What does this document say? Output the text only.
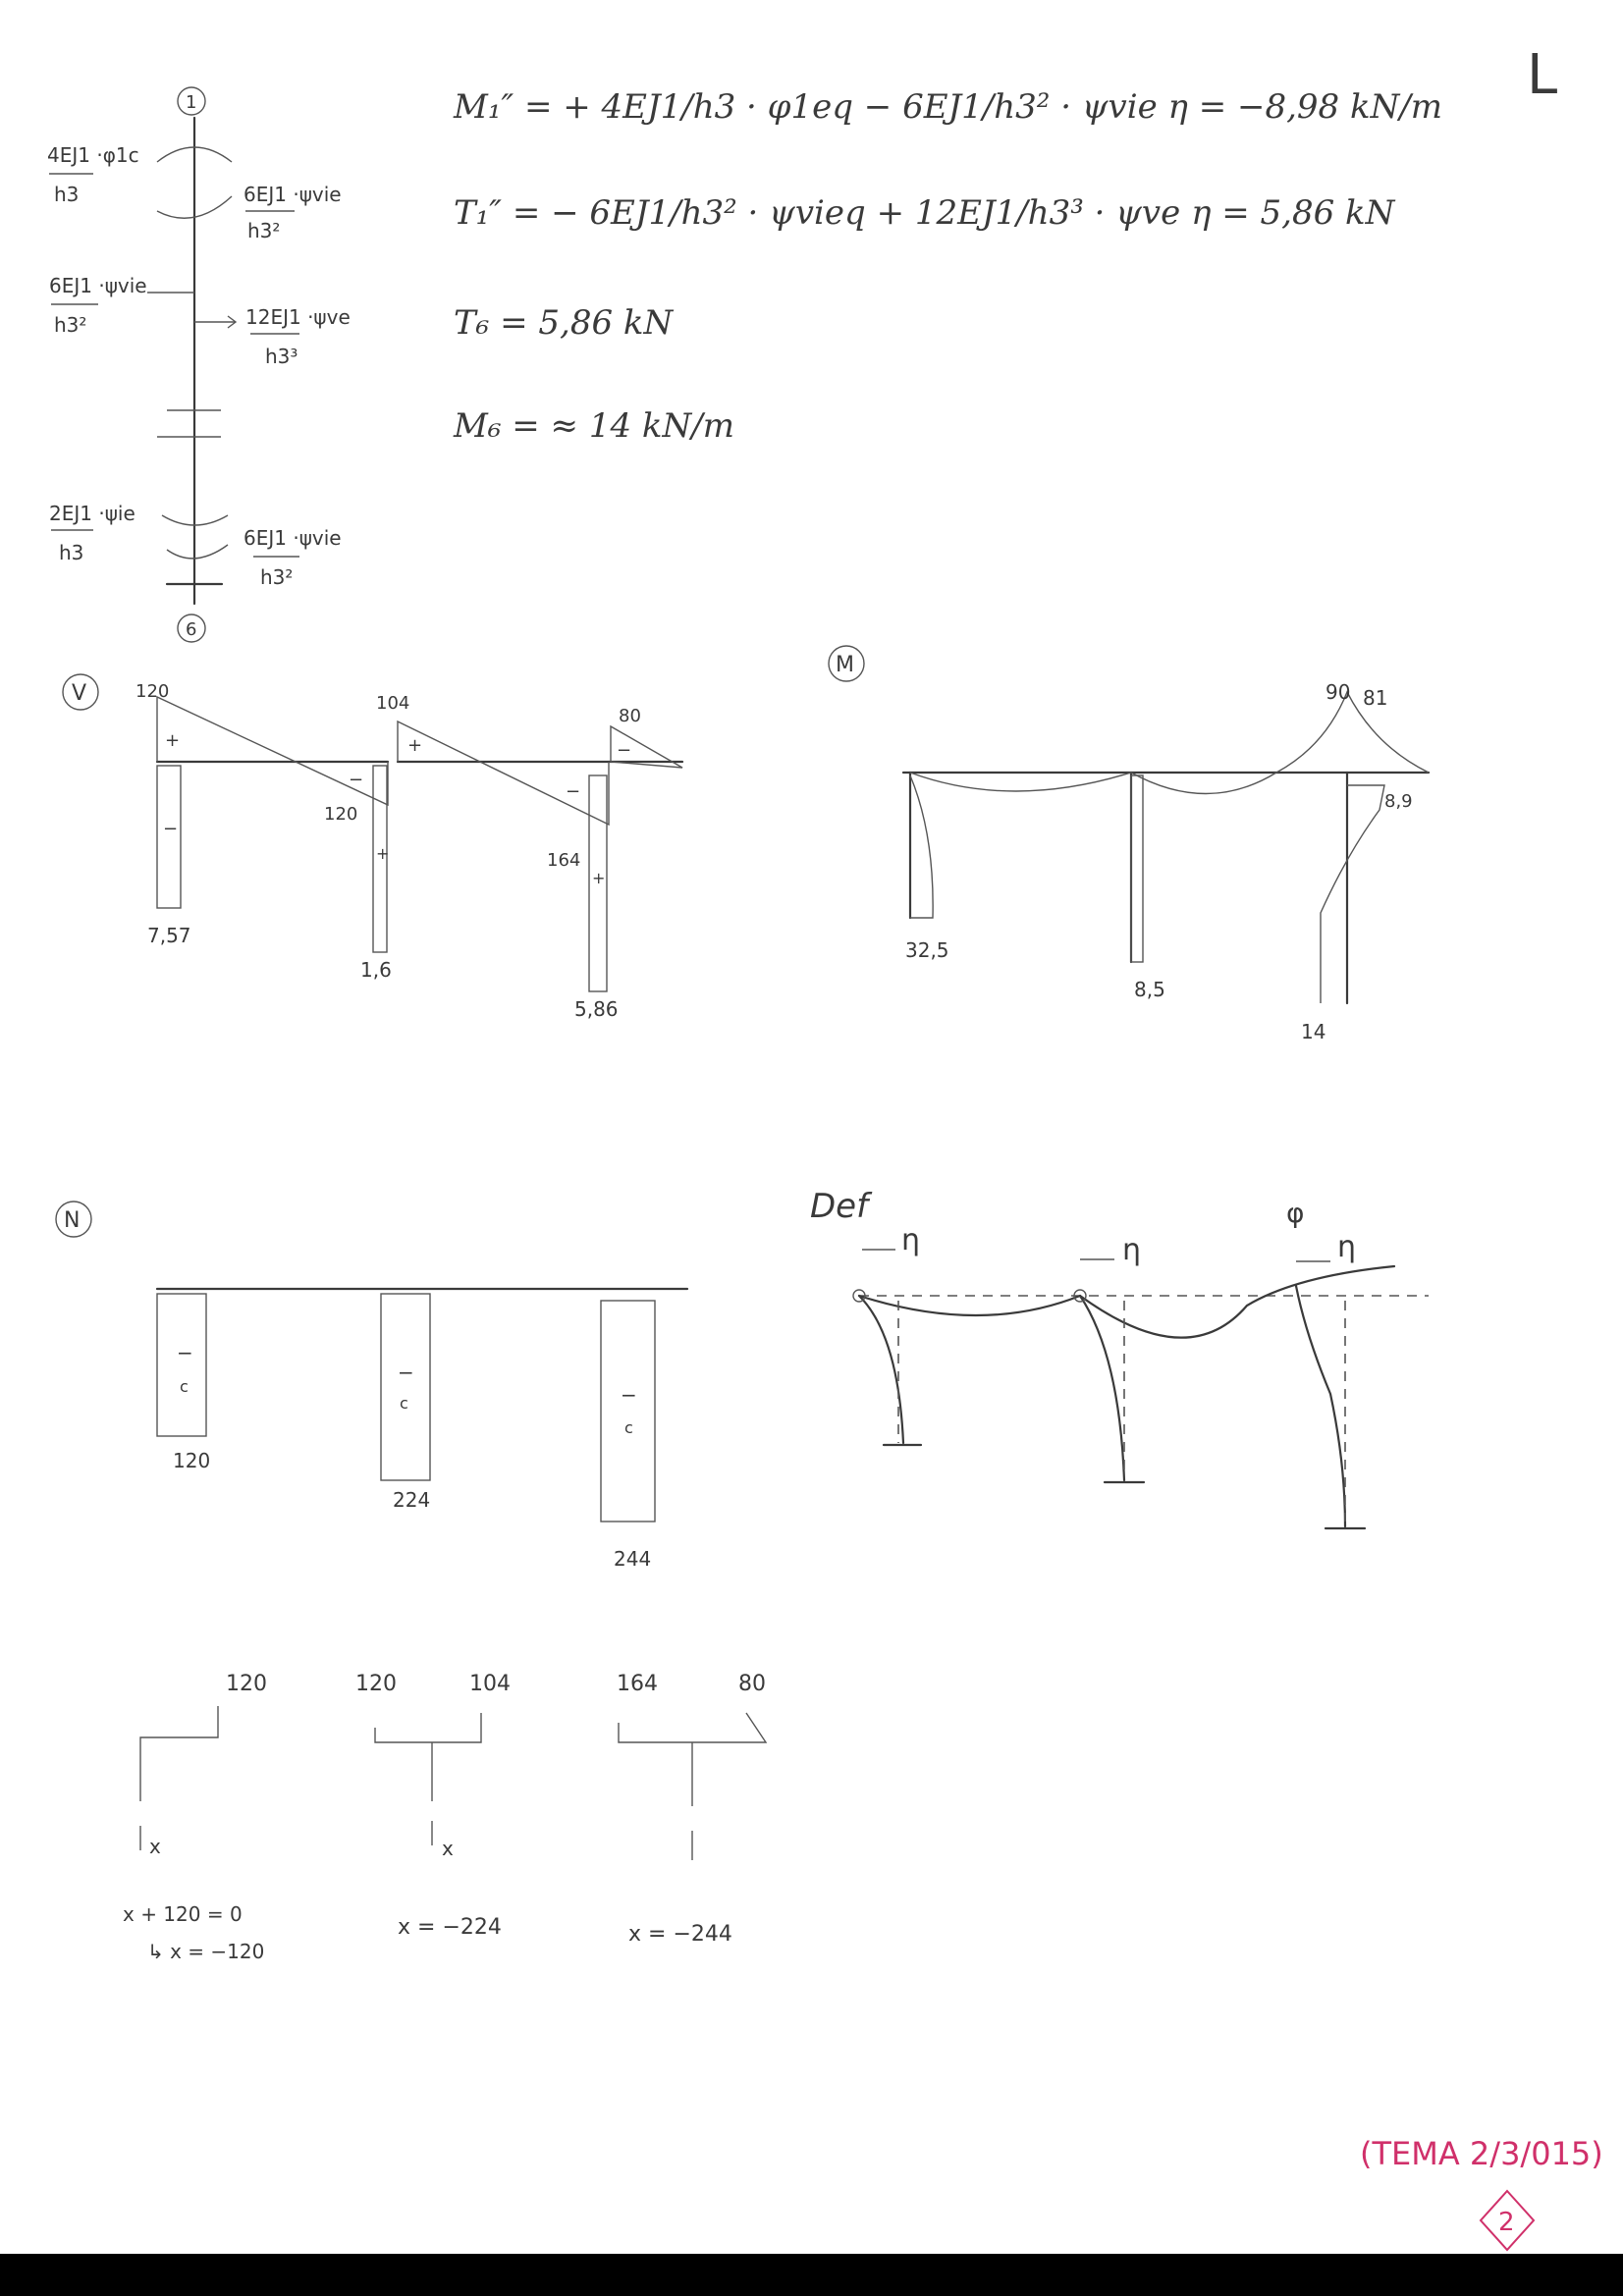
L
1
6
4EJ1 ·φ1c
h3	6EJ1 ·ψvie
h3²
6EJ1 ·ψvie
h3²	12EJ1 ·ψve
h3³
2EJ1 ·ψie
h3
6EJ1 ·ψvie
h3²
M₁″ = + 4EJ1/h3 · φ1eq − 6EJ1/h3² · ψvie η = −8,98 kN/m
T₁″ = − 6EJ1/h3² · ψvieq + 12EJ1/h3³ · ψve η = 5,86 kN
T₆ = 5,86 kN
M₆ = ≈ 14 kN/m
V	120
120
104
164
80
7,57
1,6
5,86
+
−
−
+	−
+
−
+
M
90 81
8,9
32,5
8,5
14
N
120
224
244
−
−
−
c
c
c
Def
η	η	η
φ
120
x
120	104
x
164	80
x + 120 = 0
↳ x = −120
x = −224	x = −244
(TEMA 2/3/015)
2
